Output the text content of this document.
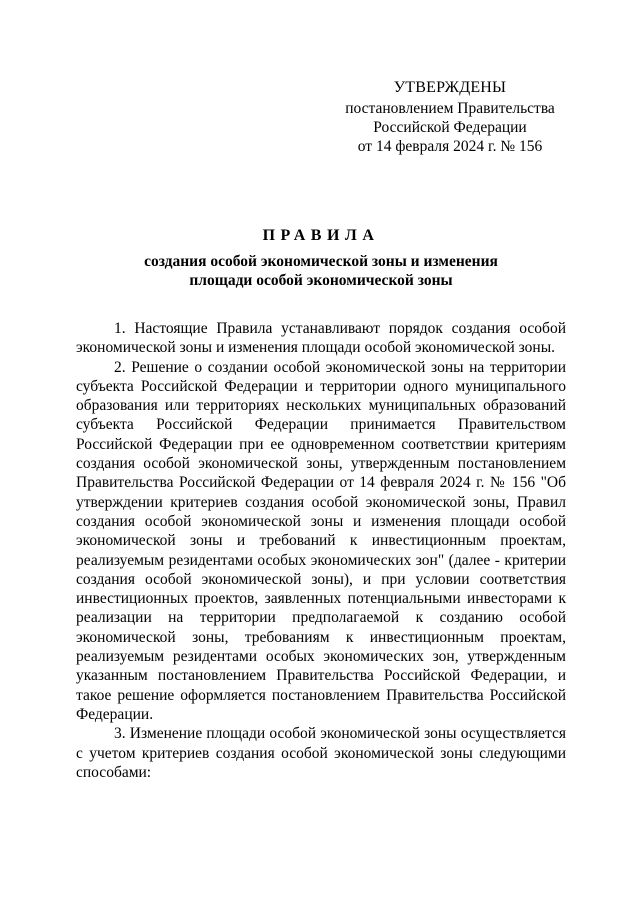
УТВЕРЖДЕНЫ
постановлением Правительства
Российской Федерации
от 14 февраля 2024 г. № 156
ПРАВИЛА
создания особой экономической зоны и изменения
площади особой экономической зоны

1. Настоящие Правила устанавливают порядок создания особой экономической зоны и изменения площади особой экономической зоны.

2. Решение о создании особой экономической зоны на территории субъекта Российской Федерации и территории одного муниципального образования или территориях нескольких муниципальных образований субъекта Российской Федерации принимается Правительством Российской Федерации при ее одновременном соответствии критериям создания особой экономической зоны, утвержденным постановлением Правительства Российской Федерации от 14 февраля 2024 г. № 156 "Об утверждении критериев создания особой экономической зоны, Правил создания особой экономической зоны и изменения площади особой экономической зоны и требований к инвестиционным проектам, реализуемым резидентами особых экономических зон" (далее - критерии создания особой экономической зоны), и при условии соответствия инвестиционных проектов, заявленных потенциальными инвесторами к реализации на территории предполагаемой к созданию особой экономической зоны, требованиям к инвестиционным проектам, реализуемым резидентами особых экономических зон, утвержденным указанным постановлением Правительства Российской Федерации, и такое решение оформляется постановлением Правительства Российской Федерации.

3. Изменение площади особой экономической зоны осуществляется с учетом критериев создания особой экономической зоны следующими способами:
